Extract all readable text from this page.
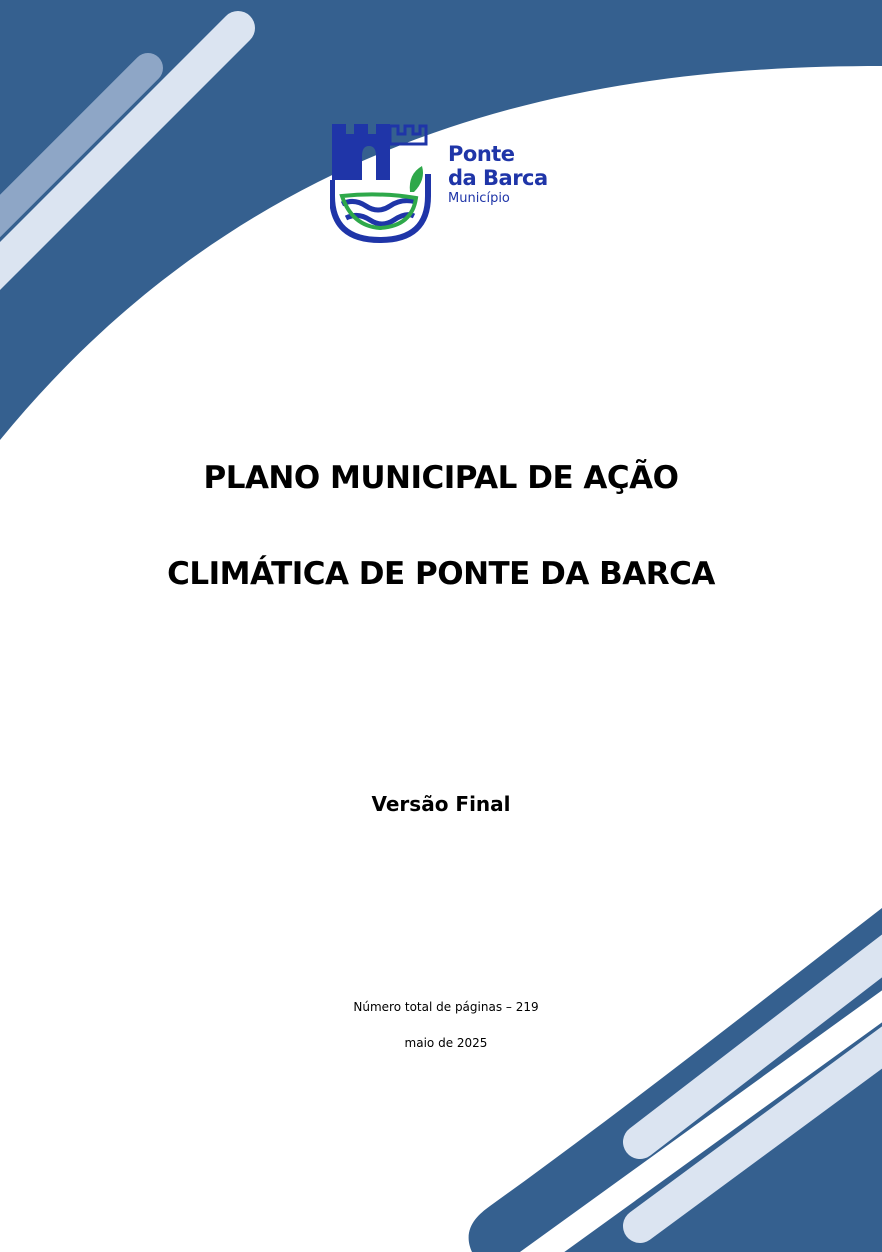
Ponte
da Barca
Município
PLANO MUNICIPAL DE AÇÃO
CLIMÁTICA DE PONTE DA BARCA
Versão Final
Número total de páginas – 219
maio de 2025
